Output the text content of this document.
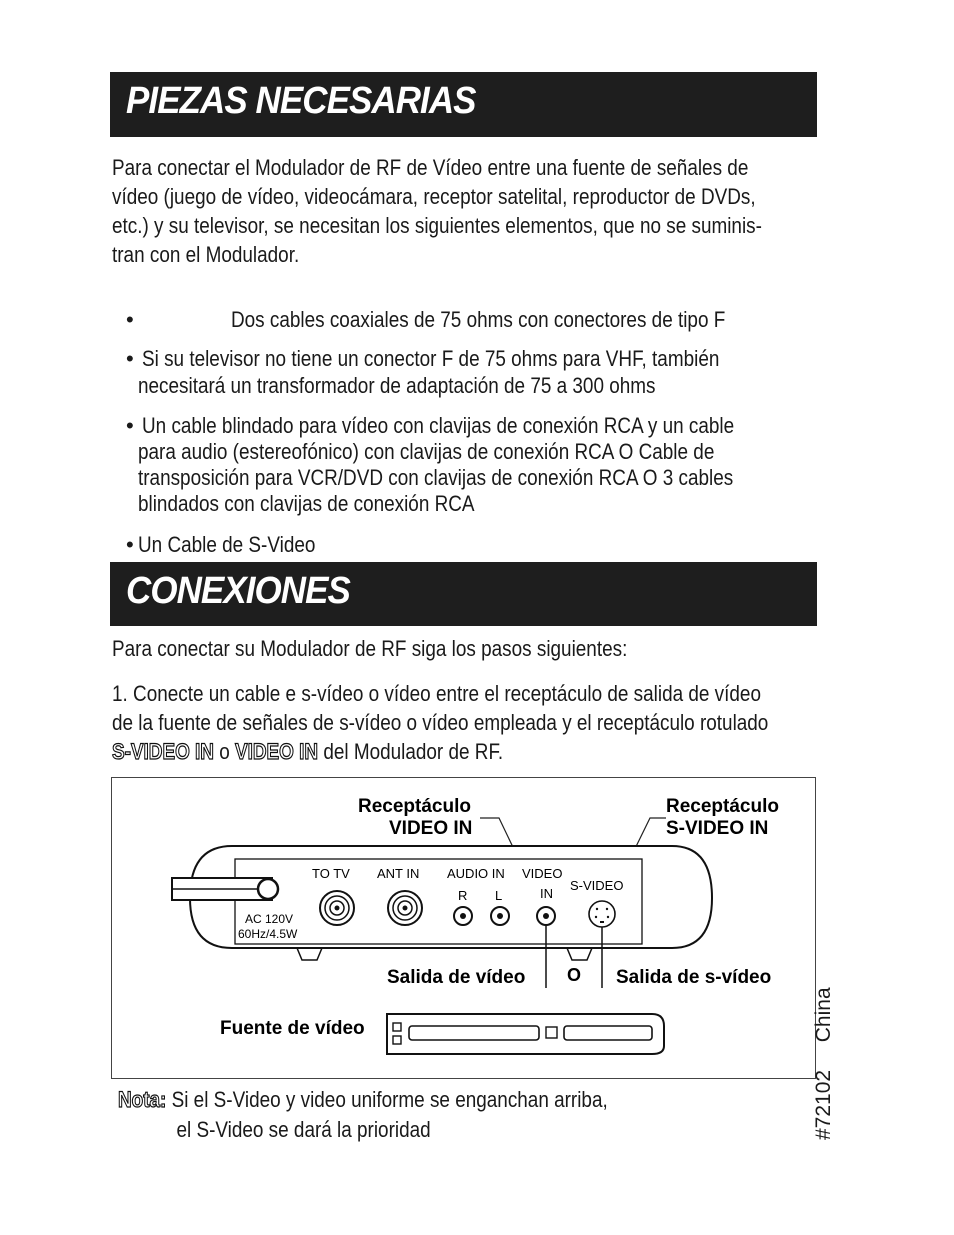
PIEZAS NECESARIAS
Para conectar el Modulador de RF de Vídeo entre una fuente de señales de
vídeo (juego de vídeo, videocámara, receptor satelital, reproductor de DVDs,
etc.) y su televisor, se necesitan los siguientes elementos, que no se suminis-
tran con el Modulador.
•	Dos cables coaxiales de 75 ohms con conectores de tipo F
• Si su televisor no tiene un conector F de 75 ohms para VHF, también
necesitará un transformador de adaptación de 75 a 300 ohms
• Un cable blindado para vídeo con clavijas de conexión RCA y un cable
para audio (estereofónico) con clavijas de conexión RCA O Cable de
transposición para VCR/DVD con clavijas de conexión RCA O 3 cables
blindados con clavijas de conexión RCA
• Un Cable de S-Video
CONEXIONES
Para conectar su Modulador de RF siga los pasos siguientes:
1. Conecte un cable e s-vídeo o vídeo entre el receptáculo de salida de vídeo
de la fuente de señales de s-vídeo o vídeo empleada y el receptáculo rotulado
S-VIDEO IN o VIDEO IN del Modulador de RF.
Receptáculo
VIDEO IN
Receptáculo
S-VIDEO IN
AC 120V
60Hz/4.5W
TO TV ANT IN AUDIO IN
R L
VIDEO
IN
S-VIDEO
Salida de vídeo O Salida de s-vídeo
Fuente de vídeo
#72102  China
Nota: Si el S-Video y video uniforme se enganchan arriba,
el S-Video se dará la prioridad
